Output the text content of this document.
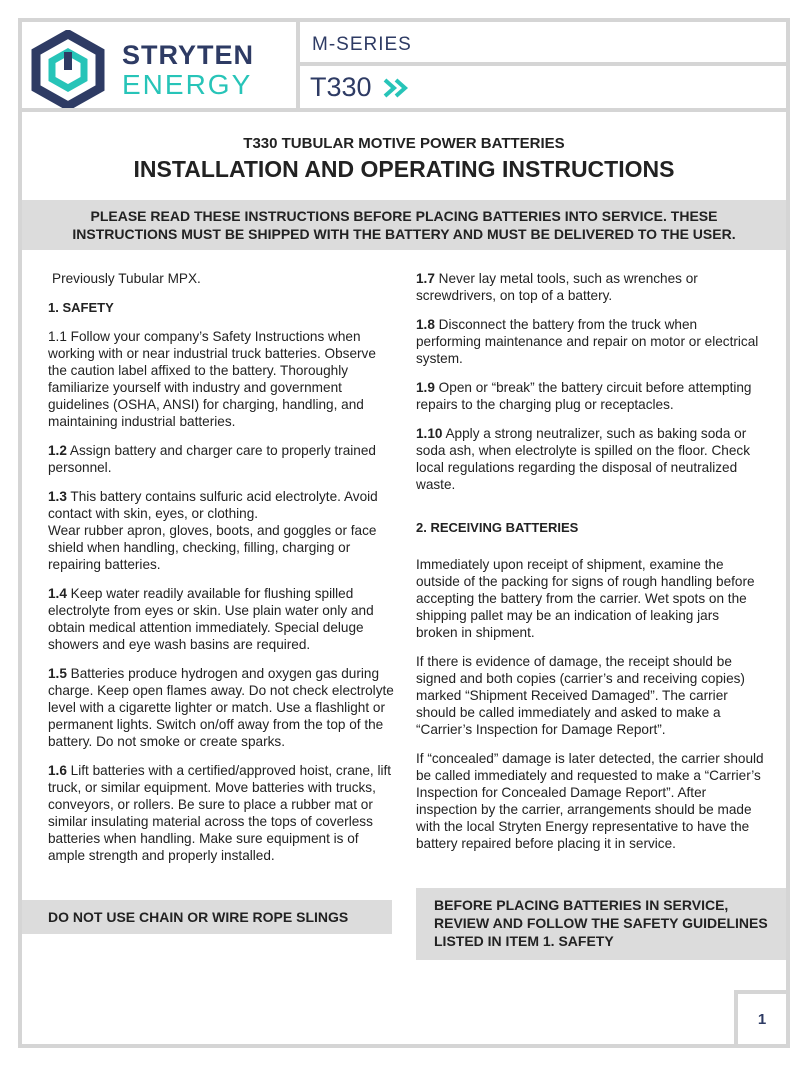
STRYTEN
ENERGY
M-SERIES
T330
T330 TUBULAR MOTIVE POWER BATTERIES
INSTALLATION AND OPERATING INSTRUCTIONS
PLEASE READ THESE INSTRUCTIONS BEFORE PLACING BATTERIES INTO SERVICE. THESE
INSTRUCTIONS MUST BE SHIPPED WITH THE BATTERY AND MUST BE DELIVERED TO THE USER.

Previously Tubular MPX.

1. SAFETY

1.1 Follow your company’s Safety Instructions when working with or near industrial truck batteries. Observe the caution label affixed to the battery. Thoroughly familiarize yourself with industry and government guidelines (OSHA, ANSI) for charging, handling, and maintaining industrial batteries.

1.2 Assign battery and charger care to properly trained personnel.

1.3 This battery contains sulfuric acid electrolyte. Avoid contact with skin, eyes, or clothing.
Wear rubber apron, gloves, boots, and goggles or face shield when handling, checking, filling, charging or repairing batteries.

1.4 Keep water readily available for flushing spilled electrolyte from eyes or skin. Use plain water only and obtain medical attention immediately. Special deluge showers and eye wash basins are required.

1.5 Batteries produce hydrogen and oxygen gas during charge. Keep open flames away. Do not check electrolyte level with a cigarette lighter or match. Use a flashlight or permanent lights. Switch on/off away from the top of the battery. Do not smoke or create sparks.

1.6 Lift batteries with a certified/approved hoist, crane, lift truck, or similar equipment. Move batteries with trucks, conveyors, or rollers. Be sure to place a rubber mat or similar insulating material across the tops of coverless batteries when handling. Make sure equipment is of ample strength and properly installed.

DO NOT USE CHAIN OR WIRE ROPE SLINGS

1.7 Never lay metal tools, such as wrenches or screwdrivers, on top of a battery.

1.8 Disconnect the battery from the truck when performing maintenance and repair on motor or electrical system.

1.9 Open or “break” the battery circuit before attempting repairs to the charging plug or receptacles.

1.10 Apply a strong neutralizer, such as baking soda or soda ash, when electrolyte is spilled on the floor. Check local regulations regarding the disposal of neutralized waste.

2. RECEIVING BATTERIES

Immediately upon receipt of shipment, examine the outside of the packing for signs of rough handling before accepting the battery from the carrier. Wet spots on the shipping pallet may be an indication of leaking jars broken in shipment.

If there is evidence of damage, the receipt should be signed and both copies (carrier’s and receiving copies) marked “Shipment Received Damaged”. The carrier should be called immediately and asked to make a “Carrier’s Inspection for Damage Report”.

If “concealed” damage is later detected, the carrier should be called immediately and requested to make a “Carrier’s Inspection for Concealed Damage Report”. After inspection by the carrier, arrangements should be made with the local Stryten Energy representative to have the battery repaired before placing it in service.

BEFORE PLACING BATTERIES IN SERVICE, REVIEW AND FOLLOW THE SAFETY GUIDELINES LISTED IN ITEM 1. SAFETY
1
